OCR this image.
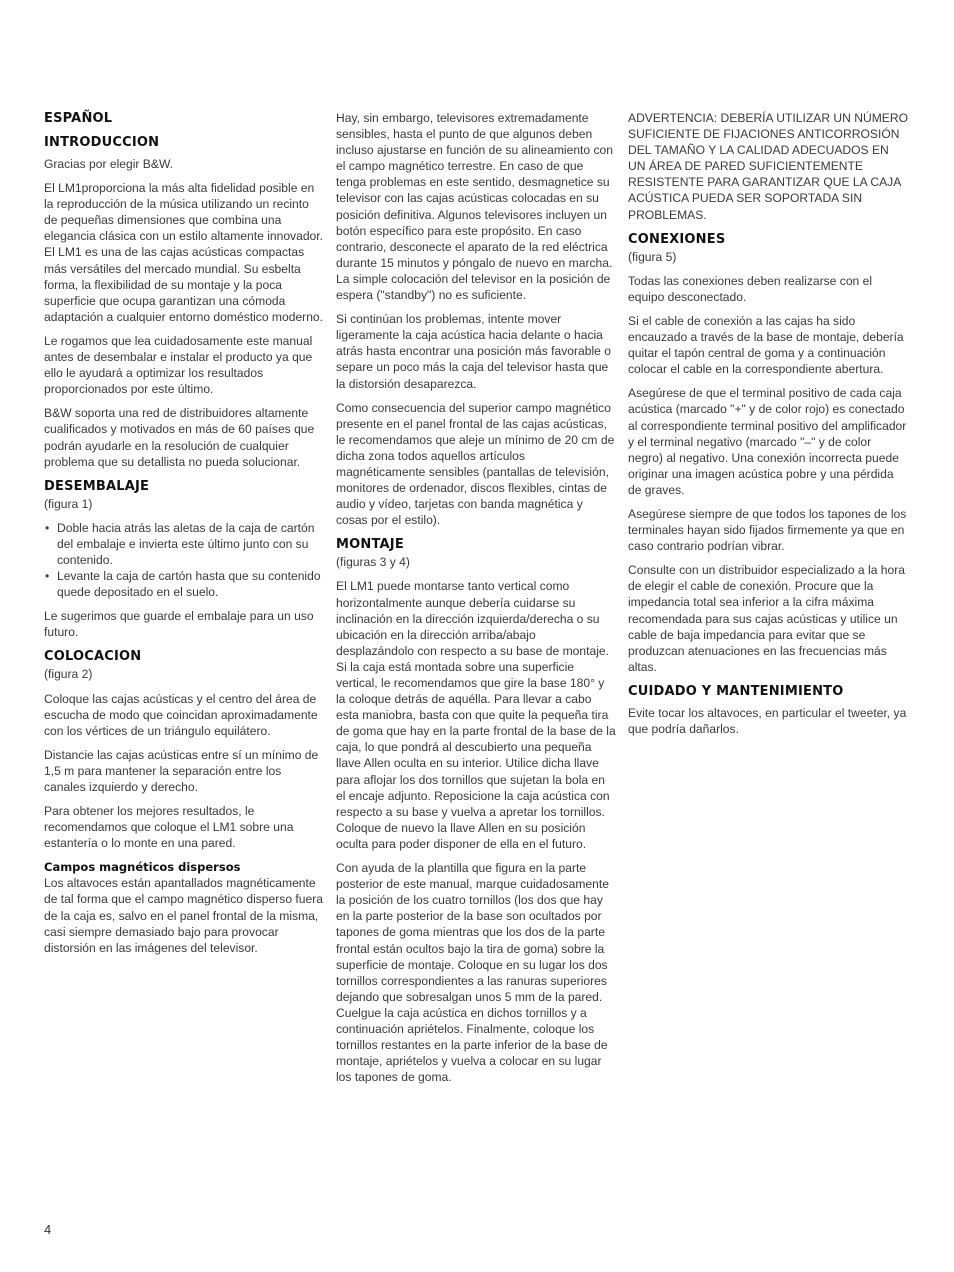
ESPAÑOL
INTRODUCCION

Gracias por elegir B&W.

El LM1proporciona la más alta fidelidad posible en la reproducción de la música utilizando un recinto de pequeñas dimensiones que combina una elegancia clásica con un estilo altamente innovador. El LM1 es una de las cajas acústicas compactas más versátiles del mercado mundial. Su esbelta forma, la flexibilidad de su montaje y la poca superficie que ocupa garantizan una cómoda adaptación a cualquier entorno doméstico moderno.

Le rogamos que lea cuidadosamente este manual antes de desembalar e instalar el producto ya que ello le ayudará a optimizar los resultados proporcionados por este último.

B&W soporta una red de distribuidores altamente cualificados y motivados en más de 60 países que podrán ayudarle en la resolución de cualquier problema que su detallista no pueda solucionar.

DESEMBALAJE

(figura 1)

• Doble hacia atrás las aletas de la caja de cartón del embalaje e invierta este último junto con su contenido.
• Levante la caja de cartón hasta que su contenido quede depositado en el suelo.

Le sugerimos que guarde el embalaje para un uso futuro.

COLOCACION

(figura 2)

Coloque las cajas acústicas y el centro del área de escucha de modo que coincidan aproximadamente con los vértices de un triángulo equilátero.

Distancie las cajas acústicas entre sí un mínimo de 1,5 m para mantener la separación entre los canales izquierdo y derecho.

Para obtener los mejores resultados, le recomendamos que coloque el LM1 sobre una estantería o lo monte en una pared.

Campos magnéticos dispersos

Los altavoces están apantallados magnéticamente de tal forma que el campo magnético disperso fuera de la caja es, salvo en el panel frontal de la misma, casi siempre demasiado bajo para provocar distorsión en las imágenes del televisor.

Hay, sin embargo, televisores extremadamente sensibles, hasta el punto de que algunos deben incluso ajustarse en función de su alineamiento con el campo magnético terrestre. En caso de que tenga problemas en este sentido, desmagnetice su televisor con las cajas acústicas colocadas en su posición definitiva. Algunos televisores incluyen un botón específico para este propósito. En caso contrario, desconecte el aparato de la red eléctrica durante 15 minutos y póngalo de nuevo en marcha. La simple colocación del televisor en la posición de espera ("standby") no es suficiente.

Si continúan los problemas, intente mover ligeramente la caja acústica hacia delante o hacia atrás hasta encontrar una posición más favorable o separe un poco más la caja del televisor hasta que la distorsión desaparezca.

Como consecuencia del superior campo magnético presente en el panel frontal de las cajas acústicas, le recomendamos que aleje un mínimo de 20 cm de dicha zona todos aquellos artículos magnéticamente sensibles (pantallas de televisión, monitores de ordenador, discos flexibles, cintas de audio y vídeo, tarjetas con banda magnética y cosas por el estilo).

MONTAJE

(figuras 3 y 4)

El LM1 puede montarse tanto vertical como horizontalmente aunque debería cuidarse su inclinación en la dirección izquierda/derecha o su ubicación en la dirección arriba/abajo desplazándolo con respecto a su base de montaje. Si la caja está montada sobre una superficie vertical, le recomendamos que gire la base 180° y la coloque detrás de aquélla. Para llevar a cabo esta maniobra, basta con que quite la pequeña tira de goma que hay en la parte frontal de la base de la caja, lo que pondrá al descubierto una pequeña llave Allen oculta en su interior. Utilice dicha llave para aflojar los dos tornillos que sujetan la bola en el encaje adjunto. Reposicione la caja acústica con respecto a su base y vuelva a apretar los tornillos. Coloque de nuevo la llave Allen en su posición oculta para poder disponer de ella en el futuro.

Con ayuda de la plantilla que figura en la parte posterior de este manual, marque cuidadosamente la posición de los cuatro tornillos (los dos que hay en la parte posterior de la base son ocultados por tapones de goma mientras que los dos de la parte frontal están ocultos bajo la tira de goma) sobre la superficie de montaje. Coloque en su lugar los dos tornillos correspondientes a las ranuras superiores dejando que sobresalgan unos 5 mm de la pared. Cuelgue la caja acústica en dichos tornillos y a continuación apriételos. Finalmente, coloque los tornillos restantes en la parte inferior de la base de montaje, apriételos y vuelva a colocar en su lugar los tapones de goma.

ADVERTENCIA: DEBERÍA UTILIZAR UN NÚMERO SUFICIENTE DE FIJACIONES ANTICORROSIÓN DEL TAMAÑO Y LA CALIDAD ADECUADOS EN UN ÁREA DE PARED SUFICIENTEMENTE RESISTENTE PARA GARANTIZAR QUE LA CAJA ACÚSTICA PUEDA SER SOPORTADA SIN PROBLEMAS.

CONEXIONES

(figura 5)

Todas las conexiones deben realizarse con el equipo desconectado.

Si el cable de conexión a las cajas ha sido encauzado a través de la base de montaje, debería quitar el tapón central de goma y a continuación colocar el cable en la correspondiente abertura.

Asegúrese de que el terminal positivo de cada caja acústica (marcado "+" y de color rojo) es conectado al correspondiente terminal positivo del amplificador y el terminal negativo (marcado "–" y de color negro) al negativo. Una conexión incorrecta puede originar una imagen acústica pobre y una pérdida de graves.

Asegúrese siempre de que todos los tapones de los terminales hayan sido fijados firmemente ya que en caso contrario podrían vibrar.

Consulte con un distribuidor especializado a la hora de elegir el cable de conexión. Procure que la impedancia total sea inferior a la cifra máxima recomendada para sus cajas acústicas y utilice un cable de baja impedancia para evitar que se produzcan atenuaciones en las frecuencias más altas.

CUIDADO Y MANTENIMIENTO

Evite tocar los altavoces, en particular el tweeter, ya que podría dañarlos.

4
